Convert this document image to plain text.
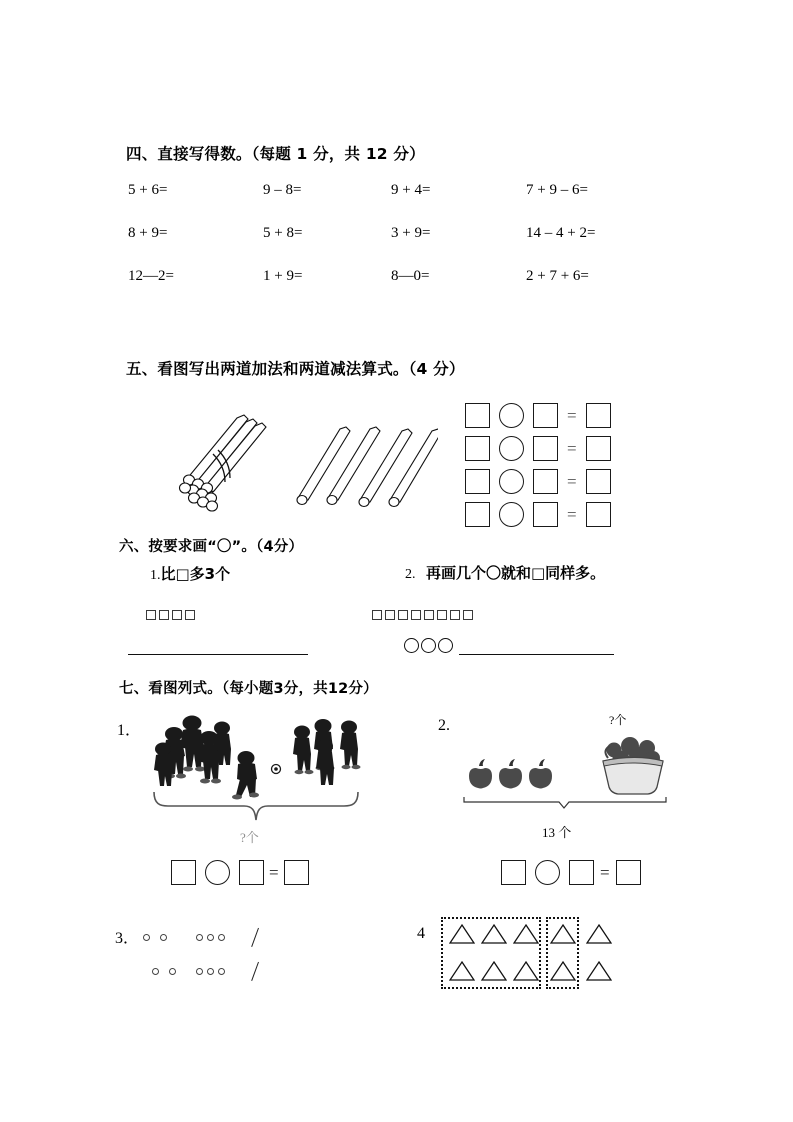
四、直接写得数。（每题 1 分，共 12 分）
5 + 6=	9 – 8=	9 + 4=	7 + 9 – 6=
8 + 9=	5 + 8=	3 + 9=	14 – 4 + 2=
12—2=	1 + 9=	8—0=	2 + 7 + 6=
五、看图写出两道加法和两道减法算式。（4 分）
=
=
=
=
六、按要求画“〇”。（4分）
1.比□多3个	2. 再画几个〇就和□同样多。
七、看图列式。（每小题3分，共12分）
1．
?个
=
2.	?个
13 个
=
3．	4
